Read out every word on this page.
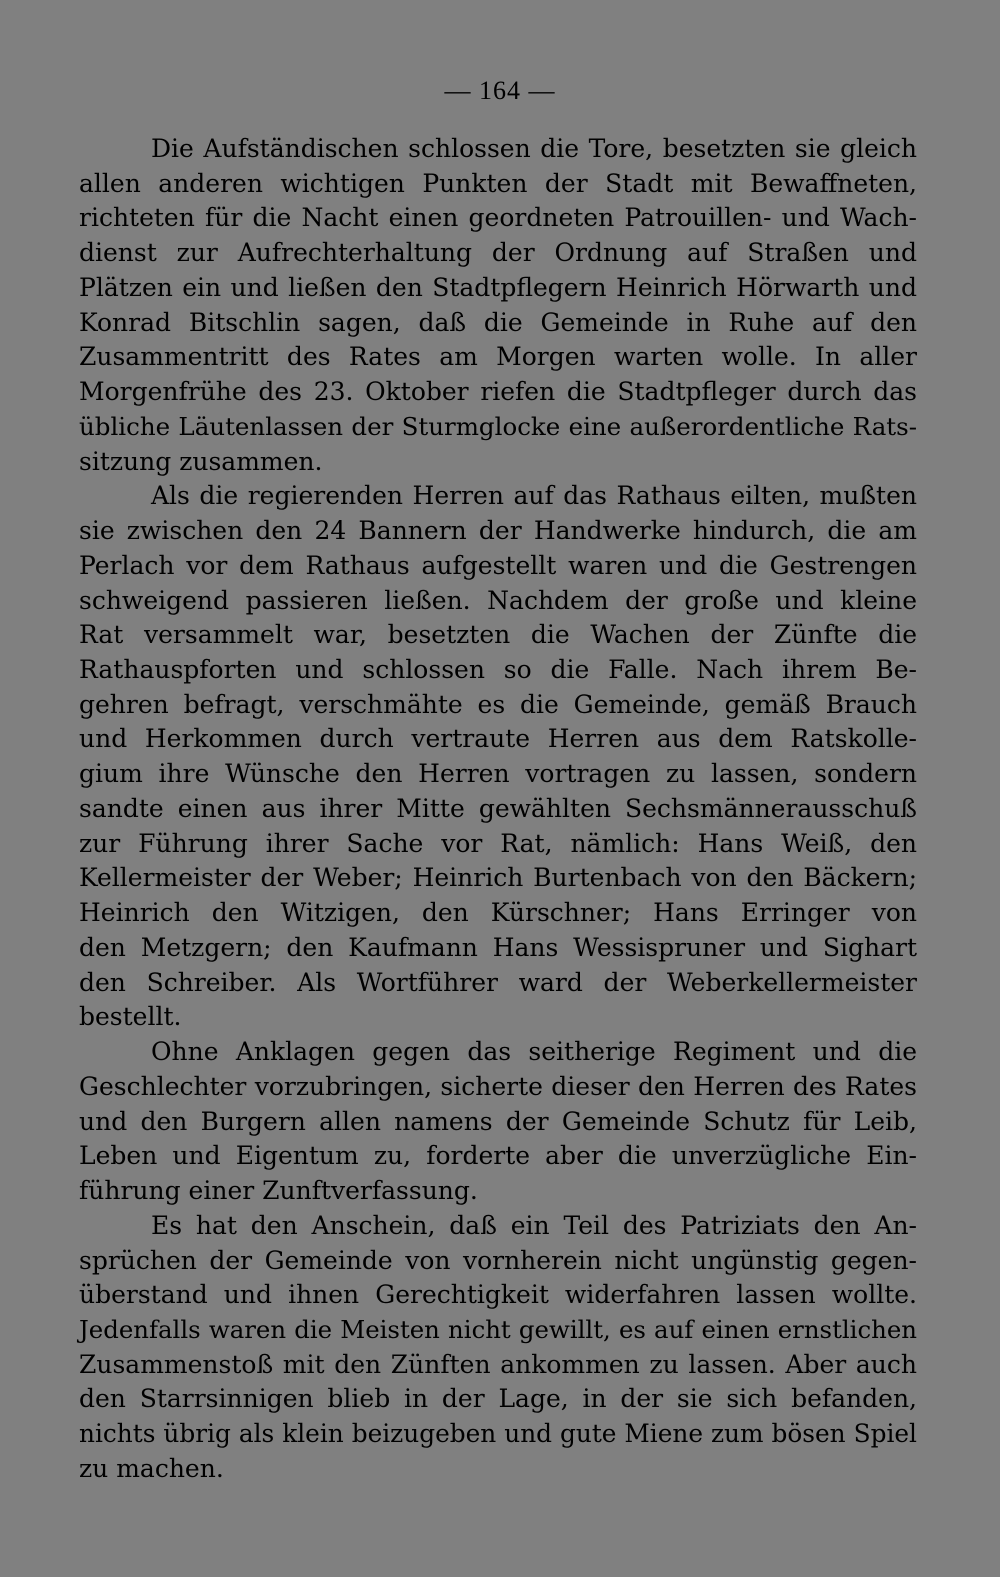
— 164 —
Die Aufständischen schlossen die Tore, besetzten sie gleich
allen anderen wichtigen Punkten der Stadt mit Bewaffneten,
richteten für die Nacht einen geordneten Patrouillen- und Wach-
dienst zur Aufrechterhaltung der Ordnung auf Straßen und
Plätzen ein und ließen den Stadtpflegern Heinrich Hörwarth und
Konrad Bitschlin sagen, daß die Gemeinde in Ruhe auf den
Zusammentritt des Rates am Morgen warten wolle. In aller
Morgenfrühe des 23. Oktober riefen die Stadtpfleger durch das
übliche Läutenlassen der Sturmglocke eine außerordentliche Rats-
sitzung zusammen.
Als die regierenden Herren auf das Rathaus eilten, mußten
sie zwischen den 24 Bannern der Handwerke hindurch, die am
Perlach vor dem Rathaus aufgestellt waren und die Gestrengen
schweigend passieren ließen. Nachdem der große und kleine
Rat versammelt war, besetzten die Wachen der Zünfte die
Rathauspforten und schlossen so die Falle. Nach ihrem Be-
gehren befragt, verschmähte es die Gemeinde, gemäß Brauch
und Herkommen durch vertraute Herren aus dem Ratskolle-
gium ihre Wünsche den Herren vortragen zu lassen, sondern
sandte einen aus ihrer Mitte gewählten Sechsmännerausschuß
zur Führung ihrer Sache vor Rat, nämlich: Hans Weiß, den
Kellermeister der Weber; Heinrich Burtenbach von den Bäckern;
Heinrich den Witzigen, den Kürschner; Hans Erringer von
den Metzgern; den Kaufmann Hans Wessispruner und Sighart
den Schreiber. Als Wortführer ward der Weberkellermeister
bestellt.
Ohne Anklagen gegen das seitherige Regiment und die
Geschlechter vorzubringen, sicherte dieser den Herren des Rates
und den Burgern allen namens der Gemeinde Schutz für Leib,
Leben und Eigentum zu, forderte aber die unverzügliche Ein-
führung einer Zunftverfassung.
Es hat den Anschein, daß ein Teil des Patriziats den An-
sprüchen der Gemeinde von vornherein nicht ungünstig gegen-
überstand und ihnen Gerechtigkeit widerfahren lassen wollte.
Jedenfalls waren die Meisten nicht gewillt, es auf einen ernstlichen
Zusammenstoß mit den Zünften ankommen zu lassen. Aber auch
den Starrsinnigen blieb in der Lage, in der sie sich befanden,
nichts übrig als klein beizugeben und gute Miene zum bösen Spiel
zu machen.
